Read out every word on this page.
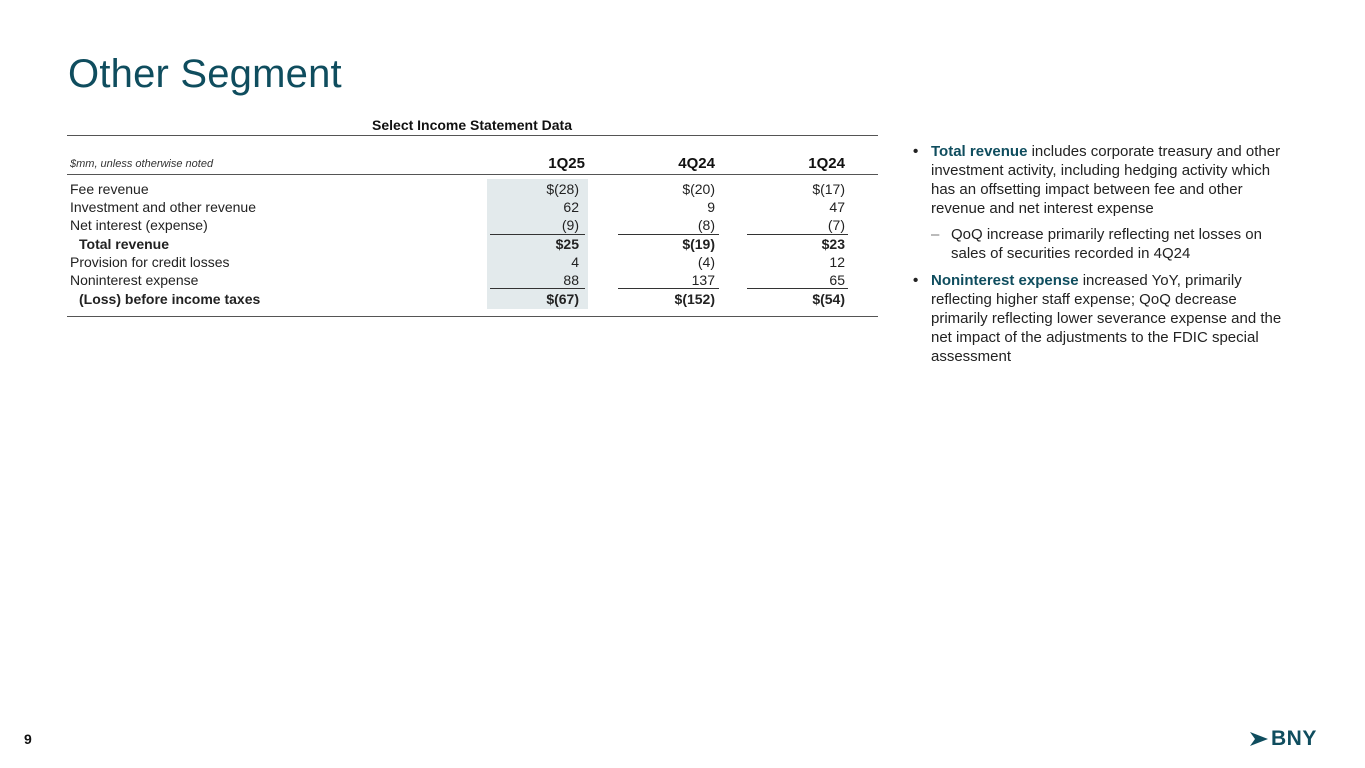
Other Segment
Select Income Statement Data
$mm, unless otherwise noted	1Q25	4Q24	1Q24
Fee revenue	$(28)	$(20)	$(17)
Investment and other revenue	62	9	47
Net interest (expense)	(9)	(8)	(7)
Total revenue	$25	$(19)	$23
Provision for credit losses	4	(4)	12
Noninterest expense	88	137	65
(Loss) before income taxes	$(67)	$(152)	$(54)
• Total revenue includes corporate treasury and other investment activity, including hedging activity which has an offsetting impact between fee and other revenue and net interest expense
– QoQ increase primarily reflecting net losses on sales of securities recorded in 4Q24
• Noninterest expense increased YoY, primarily reflecting higher staff expense; QoQ decrease primarily reflecting lower severance expense and the net impact of the adjustments to the FDIC special assessment
9	BNY
